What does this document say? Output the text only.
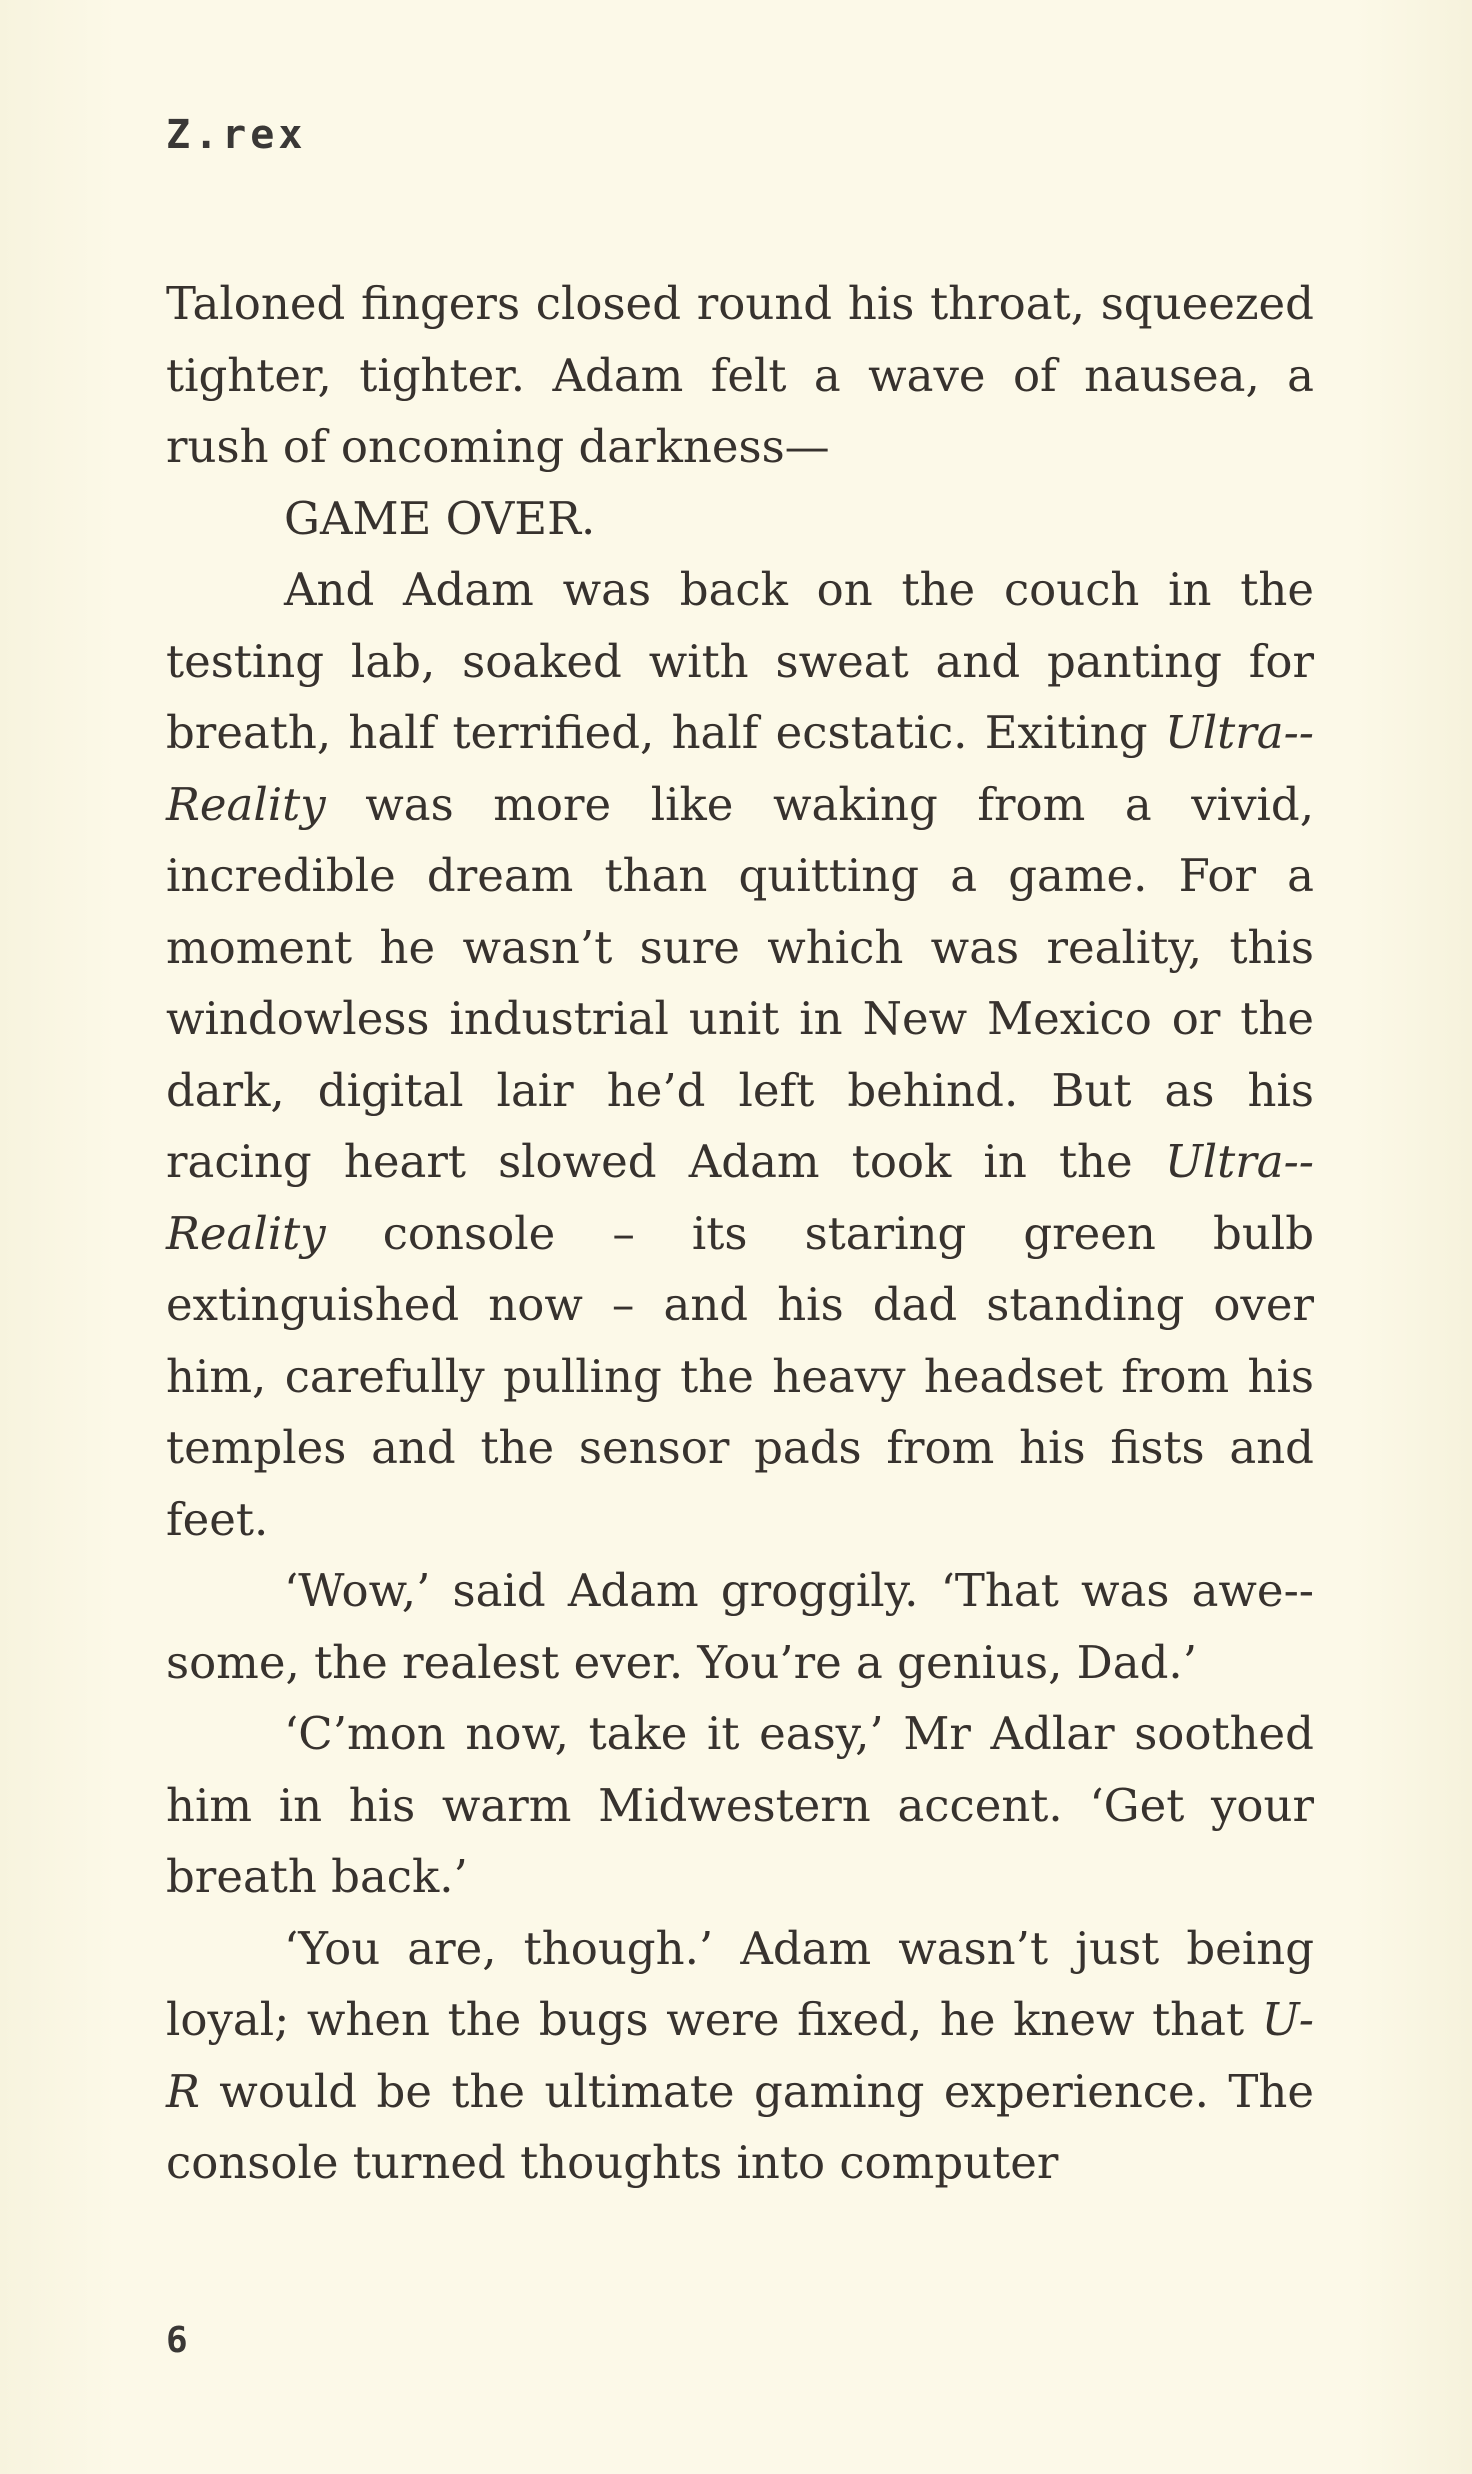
Z.rex

Taloned fingers closed round his throat, squeezed tighter, tighter. Adam felt a wave of nausea, a rush of oncoming darkness—

GAME OVER.

And Adam was back on the couch in the testing lab, soaked with sweat and panting for breath, half terrified, half ecstatic. Exiting Ultra-Reality was more like waking from a vivid, incredible dream than quitting a game. For a moment he wasn’t sure which was reality, this windowless industrial unit in New Mexico or the dark, digital lair he’d left behind. But as his racing heart slowed Adam took in the Ultra-Reality console – its staring green bulb extinguished now – and his dad standing over him, carefully pulling the heavy headset from his temples and the sensor pads from his fists and feet.

‘Wow,’ said Adam groggily. ‘That was awe-some, the realest ever. You’re a genius, Dad.’

‘C’mon now, take it easy,’ Mr Adlar soothed him in his warm Midwestern accent. ‘Get your breath back.’

‘You are, though.’ Adam wasn’t just being loyal; when the bugs were fixed, he knew that U-R would be the ultimate gaming experience. The console turned thoughts into computer

6
